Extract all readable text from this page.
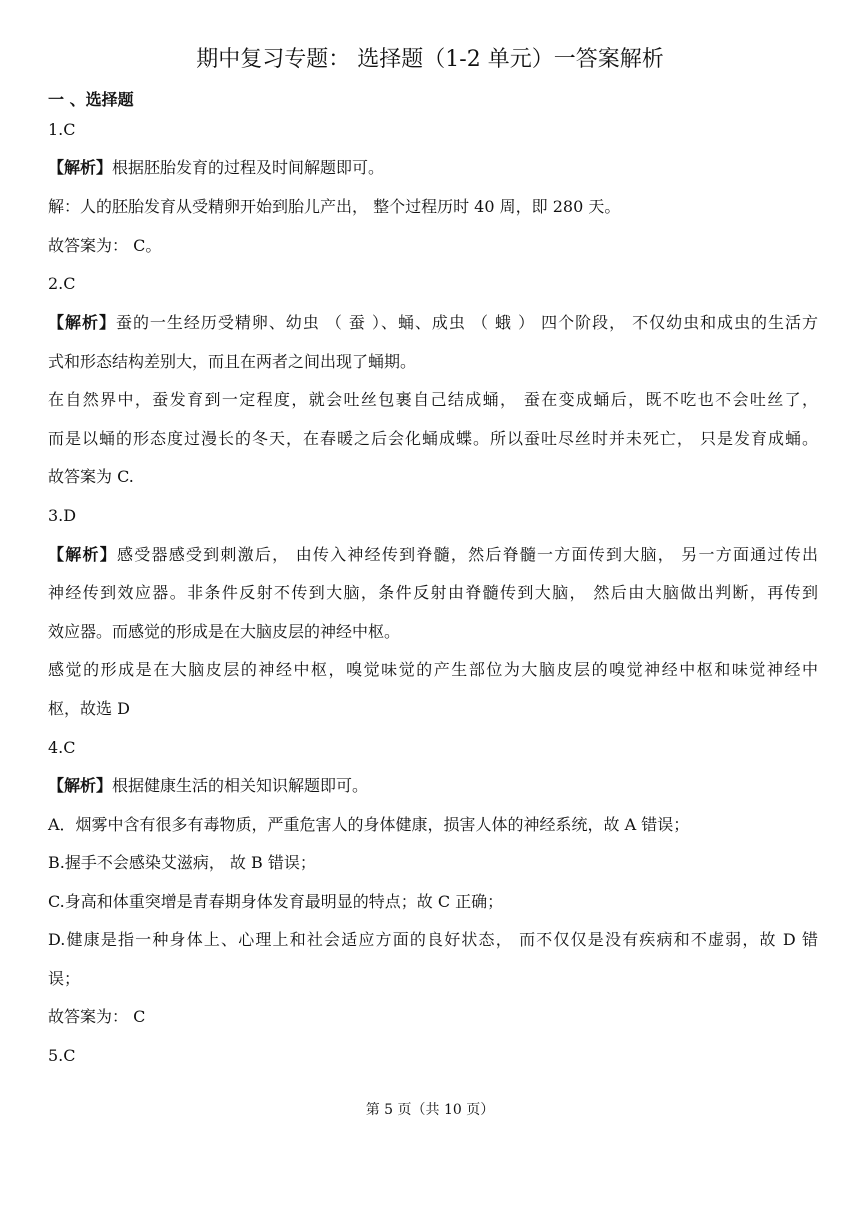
期中复习专题： 选择题（1-2 单元）一答案解析
一 、选择题
1.C
【解析】根据胚胎发育的过程及时间解题即可。
解：人的胚胎发育从受精卵开始到胎儿产出， 整个过程历时 40 周，即 280 天。
故答案为： C。
2.C
【解析】蚕的一生经历受精卵、幼虫 （ 蚕 ）、蛹、成虫 （ 蛾 ） 四个阶段， 不仅幼虫和成虫的生活方
式和形态结构差别大，而且在两者之间出现了蛹期。
在自然界中，蚕发育到一定程度，就会吐丝包裹自己结成蛹， 蚕在变成蛹后，既不吃也不会吐丝了，
而是以蛹的形态度过漫长的冬天，在春暖之后会化蛹成蝶。所以蚕吐尽丝时并未死亡， 只是发育成蛹。
故答案为 C.
3.D
【解析】感受器感受到刺激后， 由传入神经传到脊髓，然后脊髓一方面传到大脑， 另一方面通过传出
神经传到效应器。非条件反射不传到大脑，条件反射由脊髓传到大脑， 然后由大脑做出判断，再传到
效应器。而感觉的形成是在大脑皮层的神经中枢。
感觉的形成是在大脑皮层的神经中枢，嗅觉味觉的产生部位为大脑皮层的嗅觉神经中枢和味觉神经中
枢，故选 D
4.C
【解析】根据健康生活的相关知识解题即可。
A．烟雾中含有很多有毒物质，严重危害人的身体健康，损害人体的神经系统，故 A 错误；
B.握手不会感染艾滋病， 故 B 错误；
C.身高和体重突增是青春期身体发育最明显的特点；故 C 正确；
D.健康是指一种身体上、心理上和社会适应方面的良好状态， 而不仅仅是没有疾病和不虚弱，故 D 错
误；
故答案为： C
5.C
第 5 页（共 10 页）
